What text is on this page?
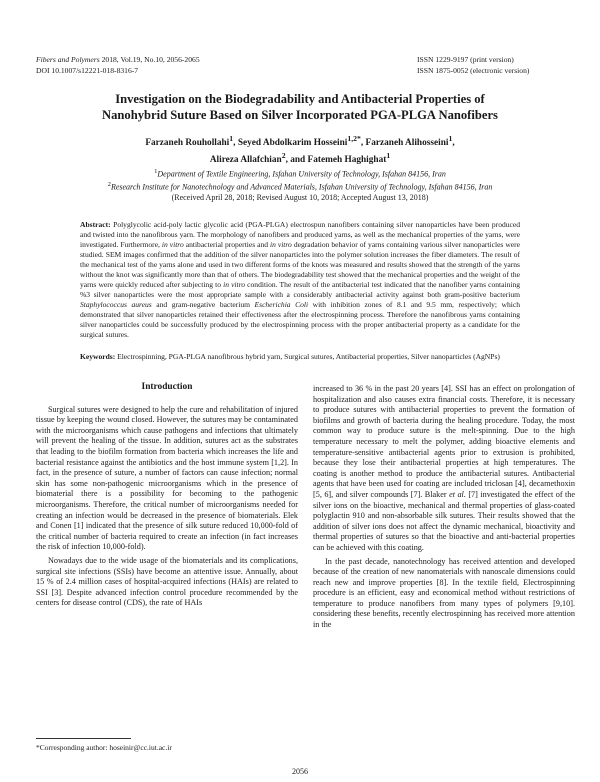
Fibers and Polymers 2018, Vol.19, No.10, 2056-2065
DOI 10.1007/s12221-018-8316-7
ISSN 1229-9197 (print version)
ISSN 1875-0052 (electronic version)
Investigation on the Biodegradability and Antibacterial Properties of
Nanohybrid Suture Based on Silver Incorporated PGA-PLGA Nanofibers
Farzaneh Rouhollahi$^1$, Seyed Abdolkarim Hosseini$^{1,2*}$, Farzaneh Alihosseini$^1$,
Alireza Allafchian$^2$, and Fatemeh Haghighat$^1$
$^1$Department of Textile Engineering, Isfahan University of Technology, Isfahan 84156, Iran
$^2$Research Institute for Nanotechnology and Advanced Materials, Isfahan University of Technology, Isfahan 84156, Iran
(Received April 28, 2018; Revised August 10, 2018; Accepted August 13, 2018)
Abstract: Polyglycolic acid-poly lactic glycolic acid (PGA-PLGA) electrospun nanofibers containing silver nanoparticles have been produced and twisted into the nanofibrous yarn. The morphology of nanofibers and produced yarns, as well as the mechanical properties of the yarns, were investigated. Furthermore, in vitro antibacterial properties and in vitro degradation behavior of yarns containing various silver nanoparticles were studied. SEM images confirmed that the addition of the silver nanoparticles into the polymer solution increases the fiber diameters. The result of the mechanical test of the yarns alone and used in two different forms of the knots was measured and results showed that the strength of the yarns without the knot was significantly more than that of others. The biodegradability test showed that the mechanical properties and the weight of the yarns were quickly reduced after subjecting to in vitro condition. The result of the antibacterial test indicated that the nanofiber yarns containing %3 silver nanoparticles were the most appropriate sample with a considerably antibacterial activity against both gram-positive bacterium Staphylococcus aureus and gram-negative bacterium Escherichia Coli with inhibition zones of 8.1 and 9.5 mm, respectively; which demonstrated that silver nanoparticles retained their effectiveness after the electrospinning process. Therefore the nanofibrous yarns containing silver nanoparticles could be successfully produced by the electrospinning process with the proper antibacterial property as a candidate for the surgical sutures.
Keywords: Electrospinning, PGA-PLGA nanofibrous hybrid yarn, Surgical sutures, Antibacterial properties, Silver nanoparticles (AgNPs)
Introduction

Surgical sutures were designed to help the cure and rehabilitation of injured tissue by keeping the wound closed. However, the sutures may be contaminated with the microorganisms which cause pathogens and infections that ultimately will prevent the healing of the tissue. In addition, sutures act as the substrates that leading to the biofilm formation from bacteria which increases the life and bacterial resistance against the antibiotics and the host immune system [1,2]. In fact, in the presence of suture, a number of factors can cause infection; normal skin has some non-pathogenic microorganisms which in the presence of biomaterial there is a possibility for becoming to the pathogenic microorganisms. Therefore, the critical number of microorganisms needed for creating an infection would be decreased in the presence of biomaterials. Elek and Conen [1] indicated that the presence of silk suture reduced 10,000-fold of the critical number of bacteria required to create an infection (in fact increases the risk of infection 10,000-fold).

Nowadays due to the wide usage of the biomaterials and its complications, surgical site infections (SSIs) have become an attentive issue. Annually, about 15 % of 2.4 million cases of hospital-acquired infections (HAIs) are related to SSI [3]. Despite advanced infection control procedure recommended by the centers for disease control (CDS), the rate of HAIs

increased to 36 % in the past 20 years [4]. SSI has an effect on prolongation of hospitalization and also causes extra financial costs. Therefore, it is necessary to produce sutures with antibacterial properties to prevent the formation of biofilms and growth of bacteria during the healing procedure. Today, the most common way to produce suture is the melt-spinning. Due to the high temperature necessary to melt the polymer, adding bioactive elements and temperature-sensitive antibacterial agents prior to extrusion is prohibited, because they lose their antibacterial properties at high temperatures. The coating is another method to produce the antibacterial sutures. Antibacterial agents that have been used for coating are included triclosan [4], decamethoxin [5, 6], and silver compounds [7]. Blaker et al. [7] investigated the effect of the silver ions on the bioactive, mechanical and thermal properties of glass-coated polyglactin 910 and non-absorbable silk sutures. Their results showed that the addition of silver ions does not affect the dynamic mechanical, bioactivity and thermal properties of sutures so that the bioactive and anti-bacterial properties can be achieved with this coating.

In the past decade, nanotechnology has received attention and developed because of the creation of new nanomaterials with nanoscale dimensions could reach new and improve properties [8]. In the textile field, Electrospinning procedure is an efficient, easy and economical method without restrictions of temperature to produce nanofibers from many types of polymers [9,10]. considering these benefits, recently electrospinning has received more attention in the

*Corresponding author: hoseinir@cc.iut.ac.ir
2056
